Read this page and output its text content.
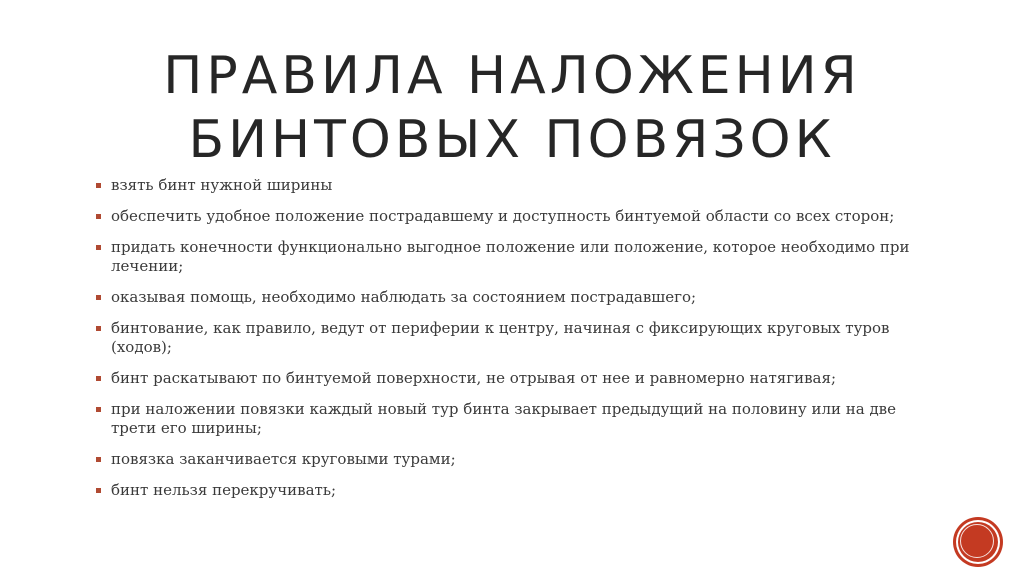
ПРАВИЛА НАЛОЖЕНИЯ
БИНТОВЫХ ПОВЯЗОК
взять бинт нужной ширины
обеспечить удобное положение пострадавшему и доступность бинтуемой области со всех сторон;
придать конечности функционально выгодное положение или положение, которое необходимо при лечении;
оказывая помощь, необходимо наблюдать за состоянием пострадавшего;
бинтование, как правило, ведут от периферии к центру, начиная с фиксирующих круговых туров (ходов);
бинт раскатывают по бинтуемой поверхности, не отрывая от нее и равномерно натягивая;
при наложении повязки каждый новый тур бинта закрывает предыдущий на половину или на две трети его ширины;
повязка заканчивается круговыми турами;
бинт нельзя перекручивать;
